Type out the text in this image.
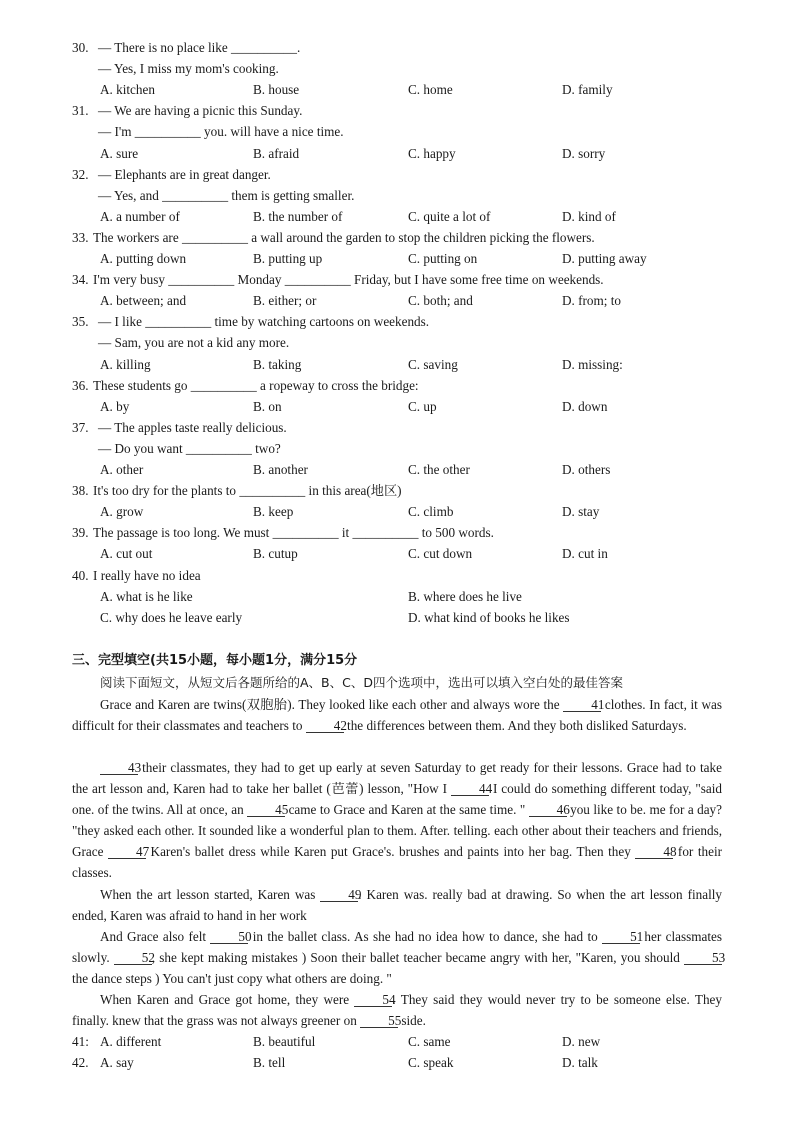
30. — There is no place like __________.
— Yes, I miss my mom's cooking.
A. kitchen	B. house	C. home	D. family
31. — We are having a picnic this Sunday.
— I'm __________ you. will have a nice time.
A. sure	B. afraid	C. happy	D. sorry
32. — Elephants are in great danger.
— Yes, and __________ them is getting smaller.
A. a number of	B. the number of	C. quite a lot of	D. kind of
33. The workers are __________ a wall around the garden to stop the children picking the flowers.
A. putting down	B. putting up	C. putting on	D. putting away
34. I'm very busy __________ Monday __________ Friday, but I have some free time on weekends.
A. between; and	B. either; or	C. both; and	D. from; to
35. — I like __________ time by watching cartoons on weekends.
— Sam, you are not a kid any more.
A. killing	B. taking	C. saving	D. missing:
36. These students go __________ a ropeway to cross the bridge:
A. by	B. on	C. up	D. down
37. — The apples taste really delicious.
— Do you want __________ two?
A. other	B. another	C. the other	D. others
38. It's too dry for the plants to __________ in this area(地区)
A. grow	B. keep	C. climb	D. stay
39. The passage is too long. We must __________ it __________ to 500 words.
A. cut out	B. cutup	C. cut down	D. cut in
40. I really have no idea
A. what is he like	B. where does he live
C. why does he leave early	D. what kind of books he likes
三、完型填空(共15小题，每小题1分，满分15分
阅读下面短文，从短文后各题所给的A、B、C、D四个选项中，选出可以填入空白处的最佳答案
Grace and Karen are twins(双胞胎). They looked like each other and always wore the 41 clothes. In fact, it was difficult for their classmates and teachers to 42 the differences between them. And they both disliked Saturdays.
43 their classmates, they had to get up early at seven Saturday to get ready for their lessons. Grace had to take the art lesson and, Karen had to take her ballet (芭蕾) lesson, "How I 44 I could do something different today, "said one. of the twins. All at once, an 45 came to Grace and Karen at the same time. " 46 you like to be. me for a day? "they asked each other. It sounded like a wonderful plan to them. After. telling. each other about their teachers and friends, Grace 47 Karen's ballet dress while Karen put Grace's. brushes and paints into her bag. Then they 48 for their classes.
When the art lesson started, Karen was 49. Karen was. really bad at drawing. So when the art lesson finally ended, Karen was afraid to hand in her work
And Grace also felt 50 in the ballet class. As she had no idea how to dance, she had to 51 her classmates slowly. 52, she kept making mistakes ) Soon their ballet teacher became angry with her, "Karen, you should 53 the dance steps ) You can't just copy what others are doing. "
When Karen and Grace got home, they were 54. They said they would never try to be someone else. They finally. knew that the grass was not always greener on 55 side.
41: A. different	B. beautiful	C. same	D. new
42. A. say	B. tell	C. speak	D. talk
